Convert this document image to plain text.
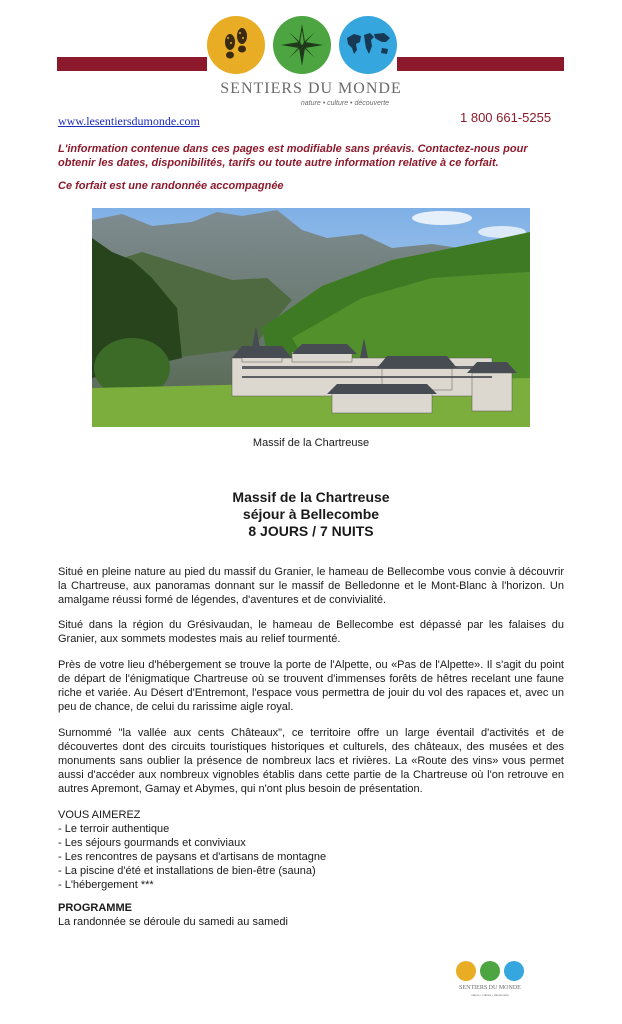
SENTIERS DU MONDE
nature • culture • découverte
www.lesentiersdumonde.com	1 800 661-5255
L'information contenue dans ces pages est modifiable sans préavis. Contactez-nous pour obtenir les dates, disponibilités, tarifs ou toute autre information relative à ce forfait.
Ce forfait est une randonnée accompagnée
Massif de la Chartreuse
Massif de la Chartreuse
séjour à Bellecombe
8 JOURS / 7 NUITS

Situé en pleine nature au pied du massif du Granier, le hameau de Bellecombe vous convie à découvrir la Chartreuse, aux panoramas donnant sur le massif de Belledonne et le Mont-Blanc à l'horizon. Un amalgame réussi formé de légendes, d'aventures et de convivialité.

Situé dans la région du Grésivaudan, le hameau de Bellecombe est dépassé par les falaises du Granier, aux sommets modestes mais au relief tourmenté.

Près de votre lieu d'hébergement se trouve la porte de l'Alpette, ou «Pas de l'Alpette». Il s'agit du point de départ de l'énigmatique Chartreuse où se trouvent d'immenses forêts de hêtres recelant une faune riche et variée. Au Désert d'Entremont, l'espace vous permettra de jouir du vol des rapaces et, avec un peu de chance, de celui du rarissime aigle royal.

Surnommé "la vallée aux cents Châteaux", ce territoire offre un large éventail d'activités et de découvertes dont des circuits touristiques historiques et culturels, des châteaux, des musées et des monuments sans oublier la présence de nombreux lacs et rivières. La «Route des vins» vous permet aussi d'accéder aux nombreux vignobles établis dans cette partie de la Chartreuse où l'on retrouve en autres Apremont, Gamay et Abymes, qui n'ont plus besoin de présentation.

VOUS AIMEREZ
- Le terroir authentique
- Les séjours gourmands et conviviaux
- Les rencontres de paysans et d'artisans de montagne
- La piscine d'été et installations de bien-être (sauna)
- L'hébergement ***
PROGRAMME
La randonnée se déroule du samedi au samedi
SENTIERS DU MONDE
nature • culture • découverte
